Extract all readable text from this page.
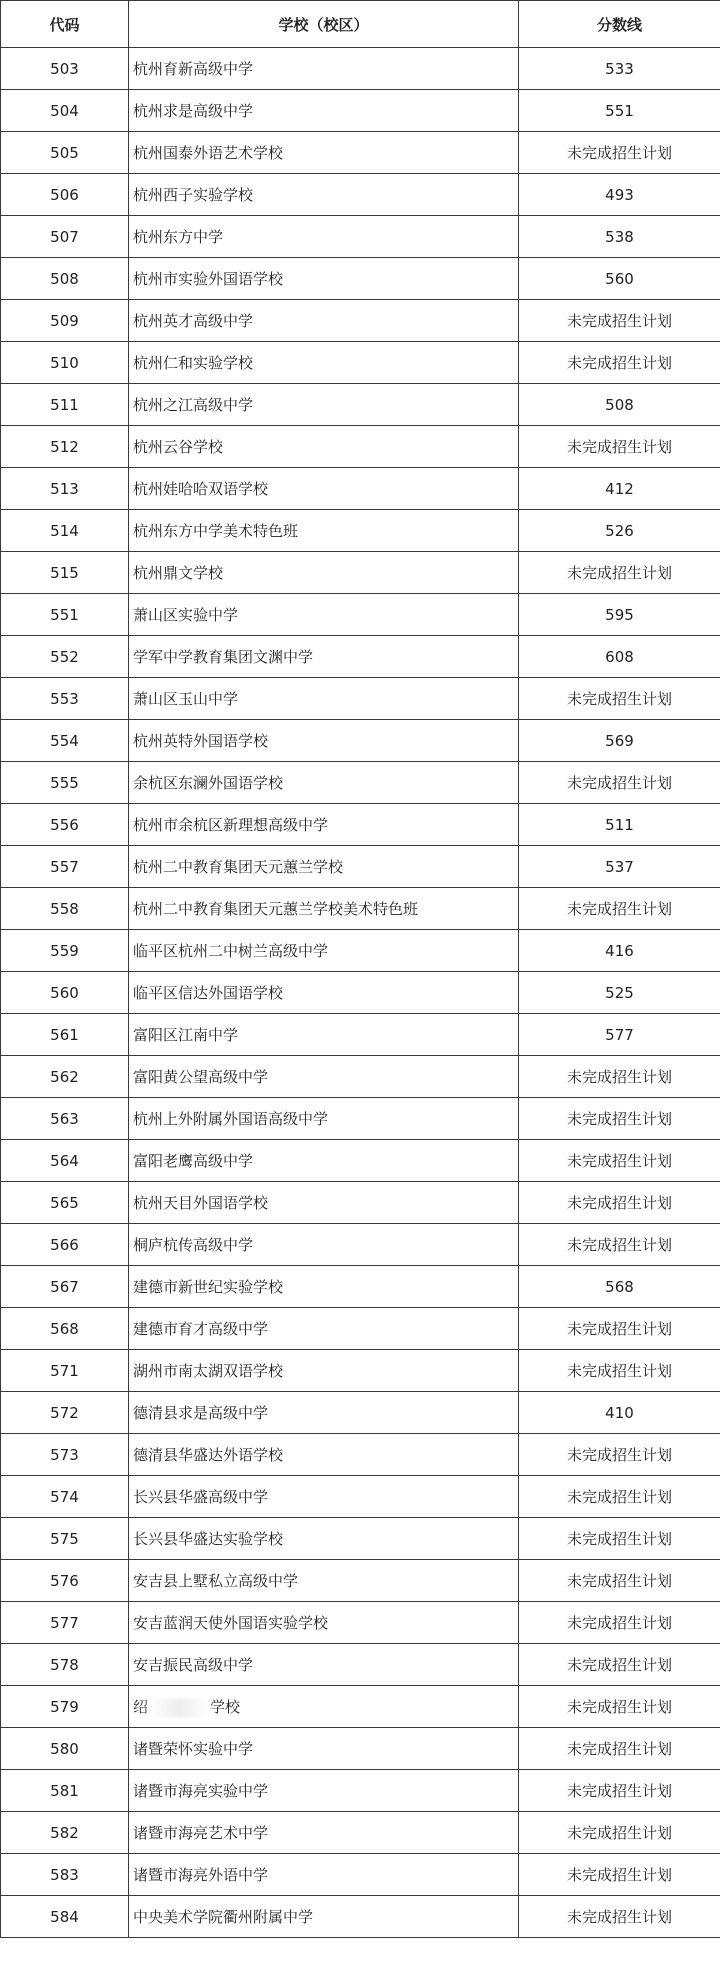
代码	学校（校区）	分数线
503	杭州育新高级中学	533
504	杭州求是高级中学	551
505	杭州国泰外语艺术学校	未完成招生计划
506	杭州西子实验学校	493
507	杭州东方中学	538
508	杭州市实验外国语学校	560
509	杭州英才高级中学	未完成招生计划
510	杭州仁和实验学校	未完成招生计划
511	杭州之江高级中学	508
512	杭州云谷学校	未完成招生计划
513	杭州娃哈哈双语学校	412
514	杭州东方中学美术特色班	526
515	杭州鼎文学校	未完成招生计划
551	萧山区实验中学	595
552	学军中学教育集团文渊中学	608
553	萧山区玉山中学	未完成招生计划
554	杭州英特外国语学校	569
555	余杭区东澜外国语学校	未完成招生计划
556	杭州市余杭区新理想高级中学	511
557	杭州二中教育集团天元蕙兰学校	537
558	杭州二中教育集团天元蕙兰学校美术特色班	未完成招生计划
559	临平区杭州二中树兰高级中学	416
560	临平区信达外国语学校	525
561	富阳区江南中学	577
562	富阳黄公望高级中学	未完成招生计划
563	杭州上外附属外国语高级中学	未完成招生计划
564	富阳老鹰高级中学	未完成招生计划
565	杭州天目外国语学校	未完成招生计划
566	桐庐杭传高级中学	未完成招生计划
567	建德市新世纪实验学校	568
568	建德市育才高级中学	未完成招生计划
571	湖州市南太湖双语学校	未完成招生计划
572	德清县求是高级中学	410
573	德清县华盛达外语学校	未完成招生计划
574	长兴县华盛高级中学	未完成招生计划
575	长兴县华盛达实验学校	未完成招生计划
576	安吉县上墅私立高级中学	未完成招生计划
577	安吉蓝润天使外国语实验学校	未完成招生计划
578	安吉振民高级中学	未完成招生计划
579	绍 学校	未完成招生计划
580	诸暨荣怀实验中学	未完成招生计划
581	诸暨市海亮实验中学	未完成招生计划
582	诸暨市海亮艺术中学	未完成招生计划
583	诸暨市海亮外语中学	未完成招生计划
584	中央美术学院衢州附属中学	未完成招生计划
